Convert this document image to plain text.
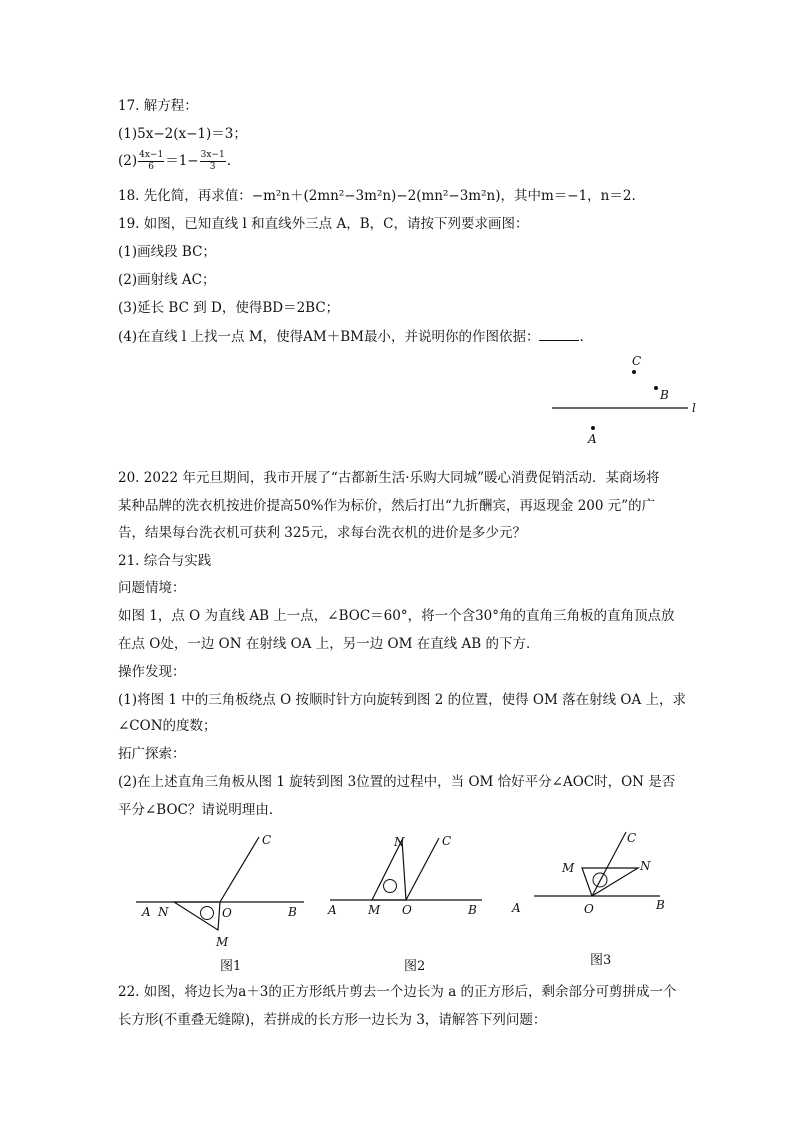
17. 解方程：
(1)5x−2(x−1)＝3；
$(2) \frac{4x-1}{6} =1- \frac{3x-1}{3}$ .
18. 先化简，再求值：−m²n＋(2mn²−3m²n)−2(mn²−3m²n)，其中m＝−1，n＝2.
19. 如图，已知直线 l 和直线外三点 A，B，C，请按下列要求画图：
(1)画线段 BC；
(2)画射线 AC；
(3)延长 BC 到 D，使得BD＝2BC；
(4)在直线 l 上找一点 M，使得AM＋BM最小，并说明你的作图依据：	.
C
B
A
l
20. 2022 年元旦期间，我市开展了“古都新生活·乐购大同城”暖心消费促销活动．某商场将
某种品牌的洗衣机按进价提高50%作为标价，然后打出“九折酬宾，再返现金 200 元”的广
告，结果每台洗衣机可获利 325元，求每台洗衣机的进价是多少元？
21. 综合与实践
问题情境：
如图 1，点 O 为直线 AB 上一点，∠BOC＝60°，将一个含30°角的直角三角板的直角顶点放
在点 O处，一边 ON 在射线 OA 上，另一边 OM 在直线 AB 的下方．
操作发现：
(1)将图 1 中的三角板绕点 O 按顺时针方向旋转到图 2 的位置，使得 OM 落在射线 OA 上，求
∠CON的度数；
拓广探索：
(2)在上述直角三角板从图 1 旋转到图 3位置的过程中，当 OM 恰好平分∠AOC时，ON 是否
平分∠BOC？请说明理由．
C
A N	O	B
M
图1
N	C
A	M O	B
图2
C
M	N
A	O	B
图3
22. 如图，将边长为a＋3的正方形纸片剪去一个边长为 a 的正方形后，剩余部分可剪拼成一个
长方形(不重叠无缝隙)，若拼成的长方形一边长为 3，请解答下列问题：
